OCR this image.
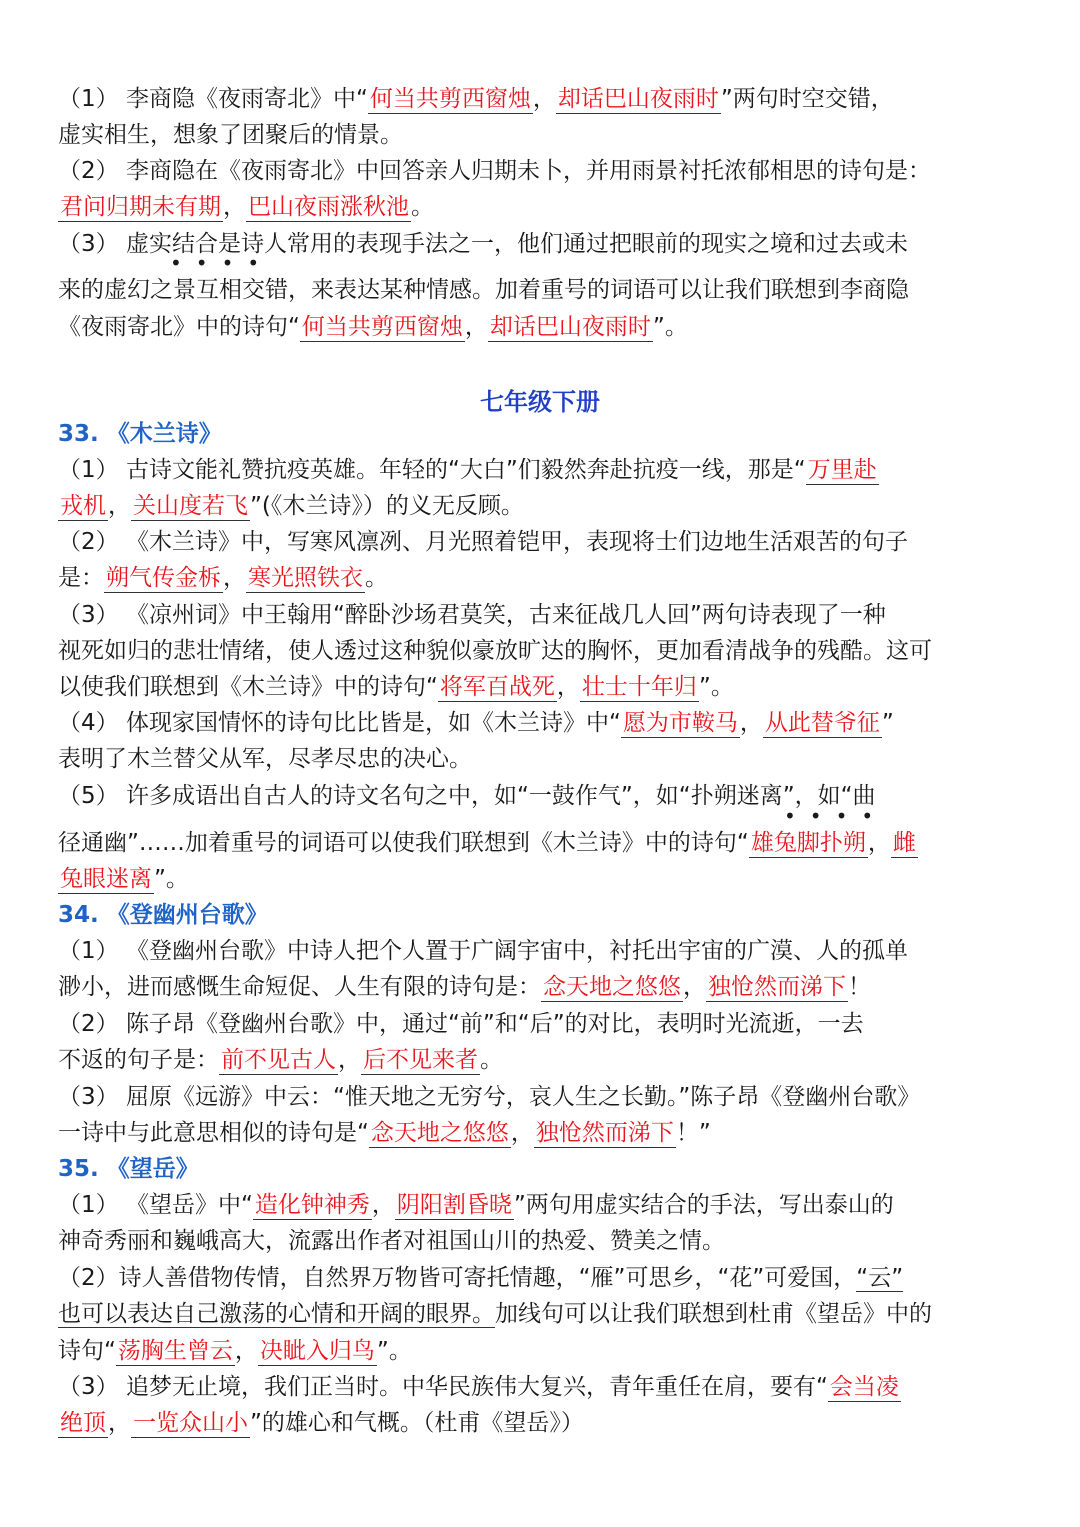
（1） 李商隐《夜雨寄北》中“何当共剪西窗烛，却话巴山夜雨时”两句时空交错，
虚实相生，想象了团聚后的情景。
（2） 李商隐在《夜雨寄北》中回答亲人归期未卜，并用雨景衬托浓郁相思的诗句是：
君问归期未有期，巴山夜雨涨秋池。
（3） 虚实结合是诗人常用的表现手法之一，他们通过把眼前的现实之境和过去或未
••••
来的虚幻之景互相交错，来表达某种情感。加着重号的词语可以让我们联想到李商隐
《夜雨寄北》中的诗句“何当共剪西窗烛，却话巴山夜雨时”。
七年级下册
33. 《木兰诗》
（1） 古诗文能礼赞抗疫英雄。年轻的“大白”们毅然奔赴抗疫一线，那是“万里赴
戎机，关山度若飞”(《木兰诗》）的义无反顾。
（2） 《木兰诗》中，写寒风凛冽、月光照着铠甲，表现将士们边地生活艰苦的句子
是：朔气传金柝，寒光照铁衣。
（3） 《凉州词》中王翰用“醉卧沙场君莫笑，古来征战几人回”两句诗表现了一种
视死如归的悲壮情绪，使人透过这种貌似豪放旷达的胸怀，更加看清战争的残酷。这可
以使我们联想到《木兰诗》中的诗句“将军百战死，壮士十年归”。
（4） 体现家国情怀的诗句比比皆是，如《木兰诗》中“愿为市鞍马，从此替爷征”
表明了木兰替父从军，尽孝尽忠的决心。
（5） 许多成语出自古人的诗文名句之中，如“一鼓作气”，如“扑朔迷离”，如“曲
••••
径通幽”……加着重号的词语可以使我们联想到《木兰诗》中的诗句“雄兔脚扑朔，雌
兔眼迷离”。
34. 《登幽州台歌》
（1） 《登幽州台歌》中诗人把个人置于广阔宇宙中，衬托出宇宙的广漠、人的孤单
渺小，进而感慨生命短促、人生有限的诗句是：念天地之悠悠，独怆然而涕下！
（2） 陈子昂《登幽州台歌》中，通过“前”和“后”的对比，表明时光流逝，一去
不返的句子是：前不见古人，后不见来者。
（3） 屈原《远游》中云：“惟天地之无穷兮，哀人生之长勤。”陈子昂《登幽州台歌》
一诗中与此意思相似的诗句是“念天地之悠悠，独怆然而涕下！”
35. 《望岳》
（1） 《望岳》中“造化钟神秀，阴阳割昏晓”两句用虚实结合的手法，写出泰山的
神奇秀丽和巍峨高大，流露出作者对祖国山川的热爱、赞美之情。
（2）诗人善借物传情，自然界万物皆可寄托情趣，“雁”可思乡，“花”可爱国，“云”
也可以表达自己激荡的心情和开阔的眼界。加线句可以让我们联想到杜甫《望岳》中的
诗句“荡胸生曾云，决眦入归鸟”。
（3） 追梦无止境，我们正当时。中华民族伟大复兴，青年重任在肩，要有“会当凌
绝顶，一览众山小”的雄心和气概。（杜甫《望岳》）
